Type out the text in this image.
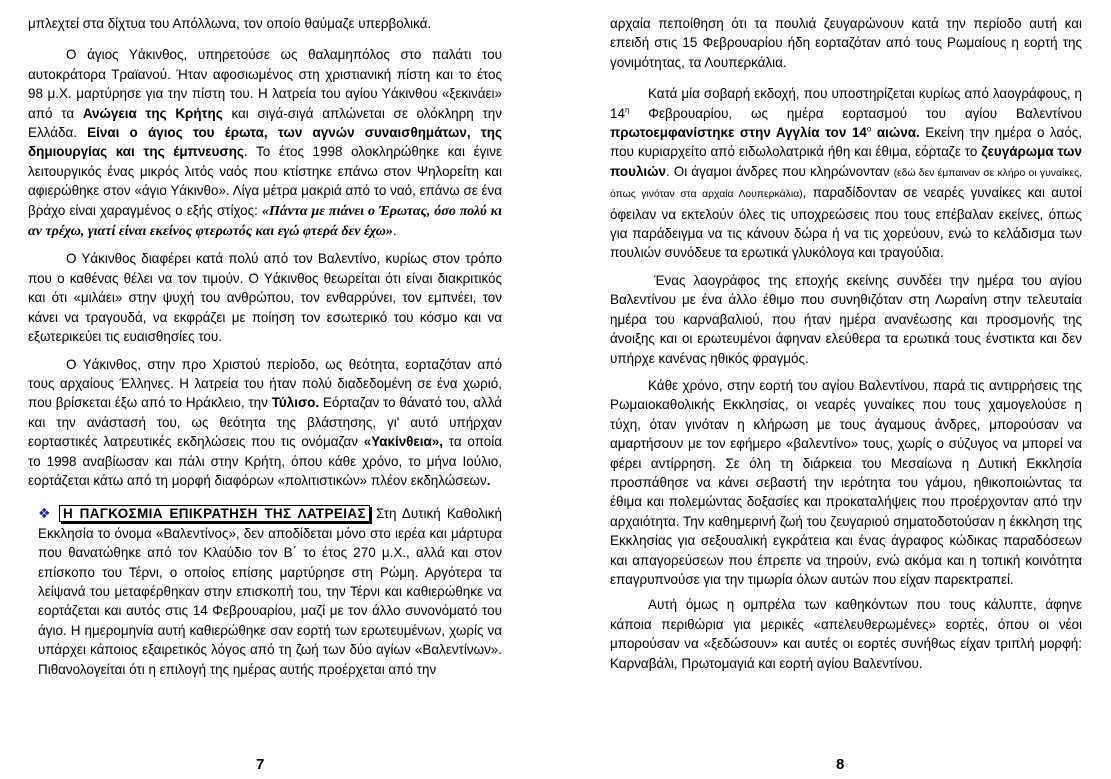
μπλεχτεί στα δίχτυα του Απόλλωνα, τον οποίο θαύμαζε υπερβολικά.

Ο άγιος Υάκινθος, υπηρετούσε ως θαλαμηπόλος στο παλάτι του αυτοκράτορα Τραϊανού. Ήταν αφοσιωμένος στη χριστιανική πίστη και το έτος 98 μ.Χ. μαρτύρησε για την πίστη του. Η λατρεία του αγίου Υάκινθου «ξεκινάει» από τα Ανώγεια της Κρήτης και σιγά-σιγά απλώνεται σε ολόκληρη την Ελλάδα. Είναι ο άγιος του έρωτα, των αγνών συναισθημάτων, της δημιουργίας και της έμπνευσης. Το έτος 1998 ολοκληρώθηκε και έγινε λειτουργικός ένας μικρός λιτός ναός που κτίστηκε επάνω στον Ψηλορείτη και αφιερώθηκε στον «άγιο Υάκινθο». Λίγα μέτρα μακριά από το ναό, επάνω σε ένα βράχο είναι χαραγμένος ο εξής στίχος: «Πάντα με πιάνει ο Έρωτας, όσο πολύ κι αν τρέχω, γιατί είναι εκείνος φτερωτός και εγώ φτερά δεν έχω».

Ο Υάκινθος διαφέρει κατά πολύ από τον Βαλεντίνο, κυρίως στον τρόπο που ο καθένας θέλει να τον τιμούν. Ο Υάκινθος θεωρείται ότι είναι διακριτικός και ότι «μιλάει» στην ψυχή του ανθρώπου, τον ενθαρρύνει, τον εμπνέει, τον κάνει να τραγουδά, να εκφράζει με ποίηση τον εσωτερικό του κόσμο και να εξωτερικεύει τις ευαισθησίες του.

Ο Υάκινθος, στην προ Χριστού περίοδο, ως θεότητα, εορταζόταν από τους αρχαίους Έλληνες. Η λατρεία του ήταν πολύ διαδεδομένη σε ένα χωριό, που βρίσκεται έξω από το Ηράκλειο, την Τύλισο. Εόρταζαν το θάνατό του, αλλά και την ανάστασή του, ως θεότητα της βλάστησης, γι' αυτό υπήρχαν εορταστικές λατρευτικές εκδηλώσεις που τις ονόμαζαν «Υακίνθεια», τα οποία το 1998 αναβίωσαν και πάλι στην Κρήτη, όπου κάθε χρόνο, το μήνα Ιούλιο, εορτάζεται κάτω από τη μορφή διαφόρων «πολιτιστικών» πλέον εκδηλώσεων.

❖ Η ΠΑΓΚΟΣΜΙΑ ΕΠΙΚΡΑΤΗΣΗ ΤΗΣ ΛΑΤΡΕΙΑΣ Στη Δυτική Καθολική Εκκλησία το όνομα «Βαλεντίνος», δεν αποδίδεται μόνο στο ιερέα και μάρτυρα που θανατώθηκε από τον Κλαύδιο τον Β΄ το έτος 270 μ.Χ., αλλά και στον επίσκοπο του Τέρνι, ο οποίος επίσης μαρτύρησε στη Ρώμη. Αργότερα τα λείψανά του μεταφέρθηκαν στην επισκοπή του, την Τέρνι και καθιερώθηκε να εορτάζεται και αυτός στις 14 Φεβρουαρίου, μαζί με τον άλλο συνονόματό του άγιο. Η ημερομηνία αυτή καθιερώθηκε σαν εορτή των ερωτευμένων, χωρίς να υπάρχει κάποιος εξαιρετικός λόγος από τη ζωή των δύο αγίων «Βαλεντίνων». Πιθανολογείται ότι η επιλογή της ημέρας αυτής προέρχεται από την

αρχαία πεποίθηση ότι τα πουλιά ζευγαρώνουν κατά την περίοδο αυτή και επειδή στις 15 Φεβρουαρίου ήδη εορταζόταν από τους Ρωμαίους η εορτή της γονιμότητας, τα Λουπερκάλια.

Κατά μία σοβαρή εκδοχή, που υποστηρίζεται κυρίως από λαογράφους, η $14^\eta$ Φεβρουαρίου, ως ημέρα εορτασμού του αγίου Βαλεντίνου πρωτοεμφανίστηκε στην Αγγλία τον $14^o$ αιώνα. Εκείνη την ημέρα ο λαός, που κυριαρχείτο από ειδωλολατρικά ήθη και έθιμα, εόρταζε το ζευγάρωμα των πουλιών. Οι άγαμοι άνδρες που κληρώνονταν (εδώ δεν έμπαιναν σε κλήρο οι γυναίκες, όπως γινόταν στα αρχαία Λουπερκάλια), παραδίδονταν σε νεαρές γυναίκες και αυτοί όφειλαν να εκτελούν όλες τις υποχρεώσεις που τους επέβαλαν εκείνες, όπως για παράδειγμα να τις κάνουν δώρα ή να τις χορεύουν, ενώ το κελάδισμα των πουλιών συνόδευε τα ερωτικά γλυκόλογα και τραγούδια.

Ένας λαογράφος της εποχής εκείνης συνδέει την ημέρα του αγίου Βαλεντίνου με ένα άλλο έθιμο που συνηθιζόταν στη Λωραίνη στην τελευταία ημέρα του καρναβαλιού, που ήταν ημέρα ανανέωσης και προσμονής της άνοιξης και οι ερωτευμένοι άφηναν ελεύθερα τα ερωτικά τους ένστικτα και δεν υπήρχε κανένας ηθικός φραγμός.

Κάθε χρόνο, στην εορτή του αγίου Βαλεντίνου, παρά τις αντιρρήσεις της Ρωμαιοκαθολικής Εκκλησίας, οι νεαρές γυναίκες που τους χαμογελούσε η τύχη, όταν γινόταν η κλήρωση με τους άγαμους άνδρες, μπορούσαν να αμαρτήσουν με τον εφήμερο «βαλεντίνο» τους, χωρίς ο σύζυγος να μπορεί να φέρει αντίρρηση. Σε όλη τη διάρκεια του Μεσαίωνα η Δυτική Εκκλησία προσπάθησε να κάνει σεβαστή την ιερότητα του γάμου, ηθικοποιώντας τα έθιμα και πολεμώντας δοξασίες και προκαταλήψεις που προέρχονταν από την αρχαιότητα. Την καθημερινή ζωή του ζευγαριού σηματοδοτούσαν η έκκληση της Εκκλησίας για σεξουαλική εγκράτεια και ένας άγραφος κώδικας παραδόσεων και απαγορεύσεων που έπρεπε να τηρούν, ενώ ακόμα και η τοπική κοινότητα επαγρυπνούσε για την τιμωρία όλων αυτών που είχαν παρεκτραπεί.

Αυτή όμως η ομπρέλα των καθηκόντων που τους κάλυπτε, άφηνε κάποια περιθώρια για μερικές «απελευθερωμένες» εορτές, όπου οι νέοι μπορούσαν να «ξεδώσουν» και αυτές οι εορτές συνήθως είχαν τριπλή μορφή: Καρναβάλι, Πρωτομαγιά και εορτή αγίου Βαλεντίνου.

7	8
